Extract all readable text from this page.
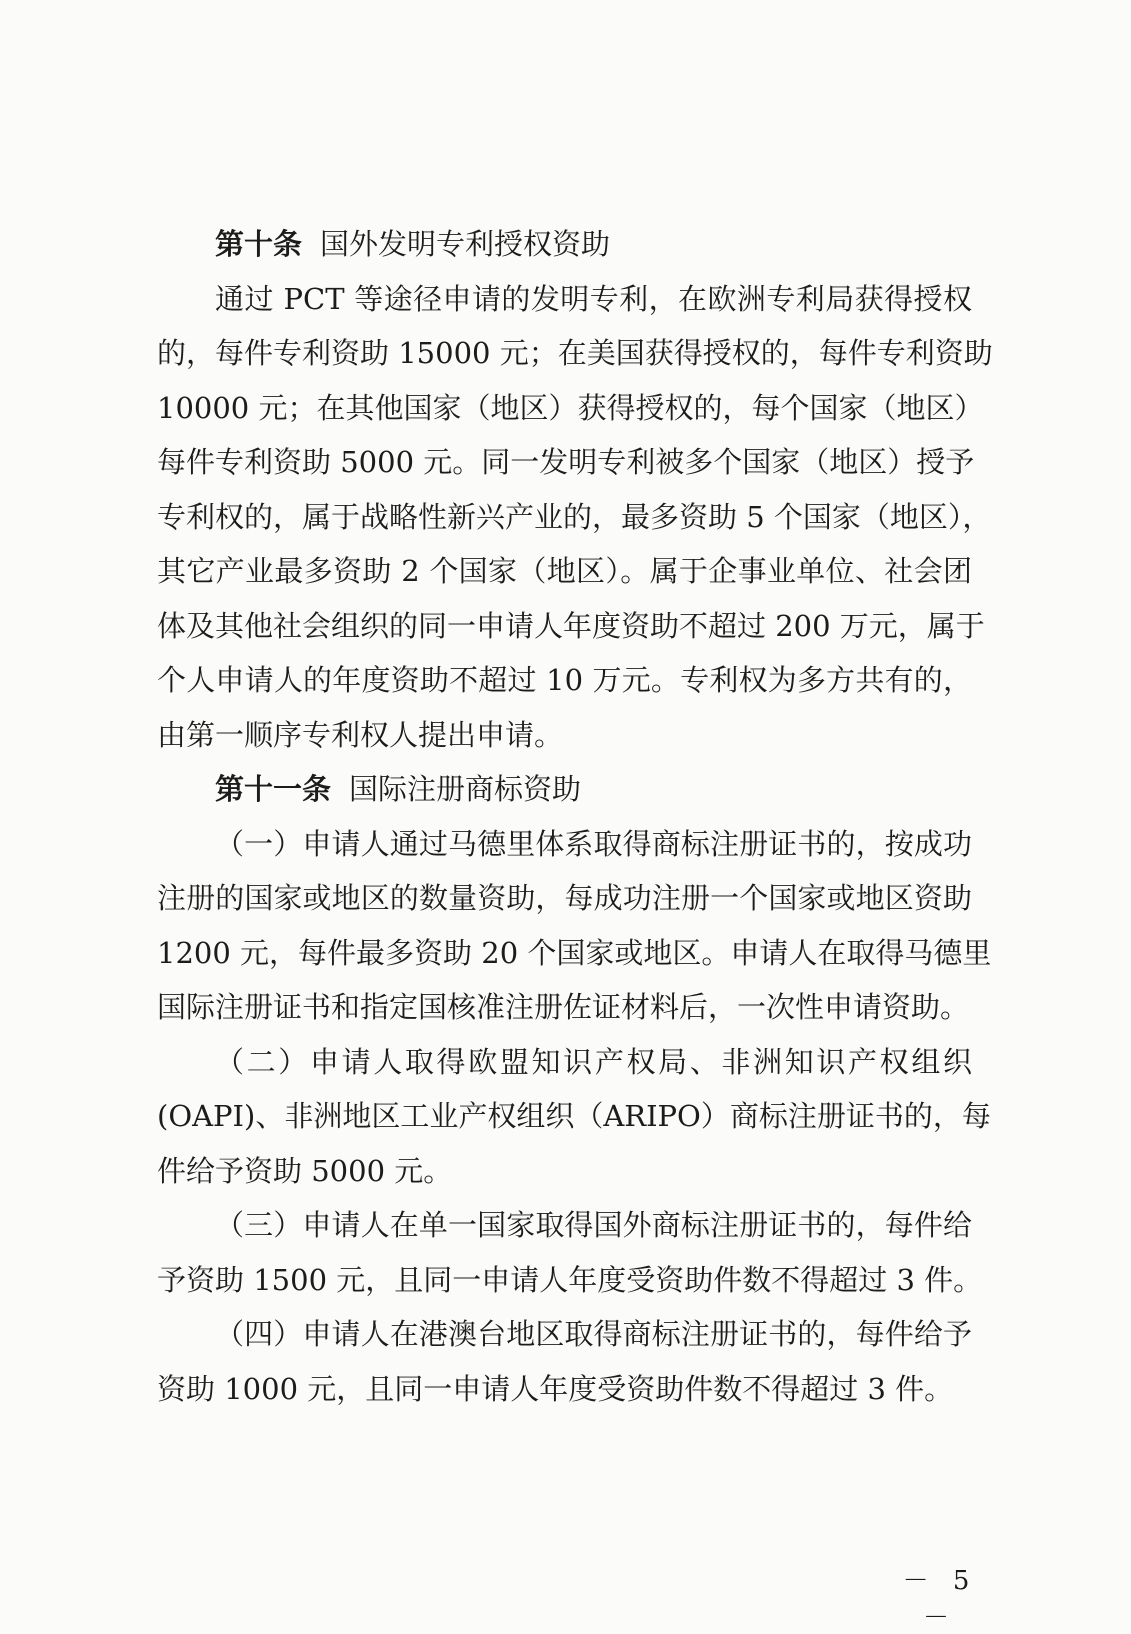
第十条 国外发明专利授权资助
通过 PCT 等途径申请的发明专利，在欧洲专利局获得授权
的，每件专利资助 15000 元；在美国获得授权的，每件专利资助
10000 元；在其他国家（地区）获得授权的，每个国家（地区）
每件专利资助 5000 元。同一发明专利被多个国家（地区）授予
专利权的，属于战略性新兴产业的，最多资助 5 个国家（地区），
其它产业最多资助 2 个国家（地区）。属于企事业单位、社会团
体及其他社会组织的同一申请人年度资助不超过 200 万元，属于
个人申请人的年度资助不超过 10 万元。专利权为多方共有的，
由第一顺序专利权人提出申请。
第十一条 国际注册商标资助
（一）申请人通过马德里体系取得商标注册证书的，按成功
注册的国家或地区的数量资助，每成功注册一个国家或地区资助
1200 元，每件最多资助 20 个国家或地区。申请人在取得马德里
国际注册证书和指定国核准注册佐证材料后，一次性申请资助。
（二）申请人取得欧盟知识产权局、非洲知识产权组织
(OAPI)、非洲地区工业产权组织（ARIPO）商标注册证书的，每
件给予资助 5000 元。
（三）申请人在单一国家取得国外商标注册证书的，每件给
予资助 1500 元，且同一申请人年度受资助件数不得超过 3 件。
（四）申请人在港澳台地区取得商标注册证书的，每件给予
资助 1000 元，且同一申请人年度受资助件数不得超过 3 件。
－ 5 －
